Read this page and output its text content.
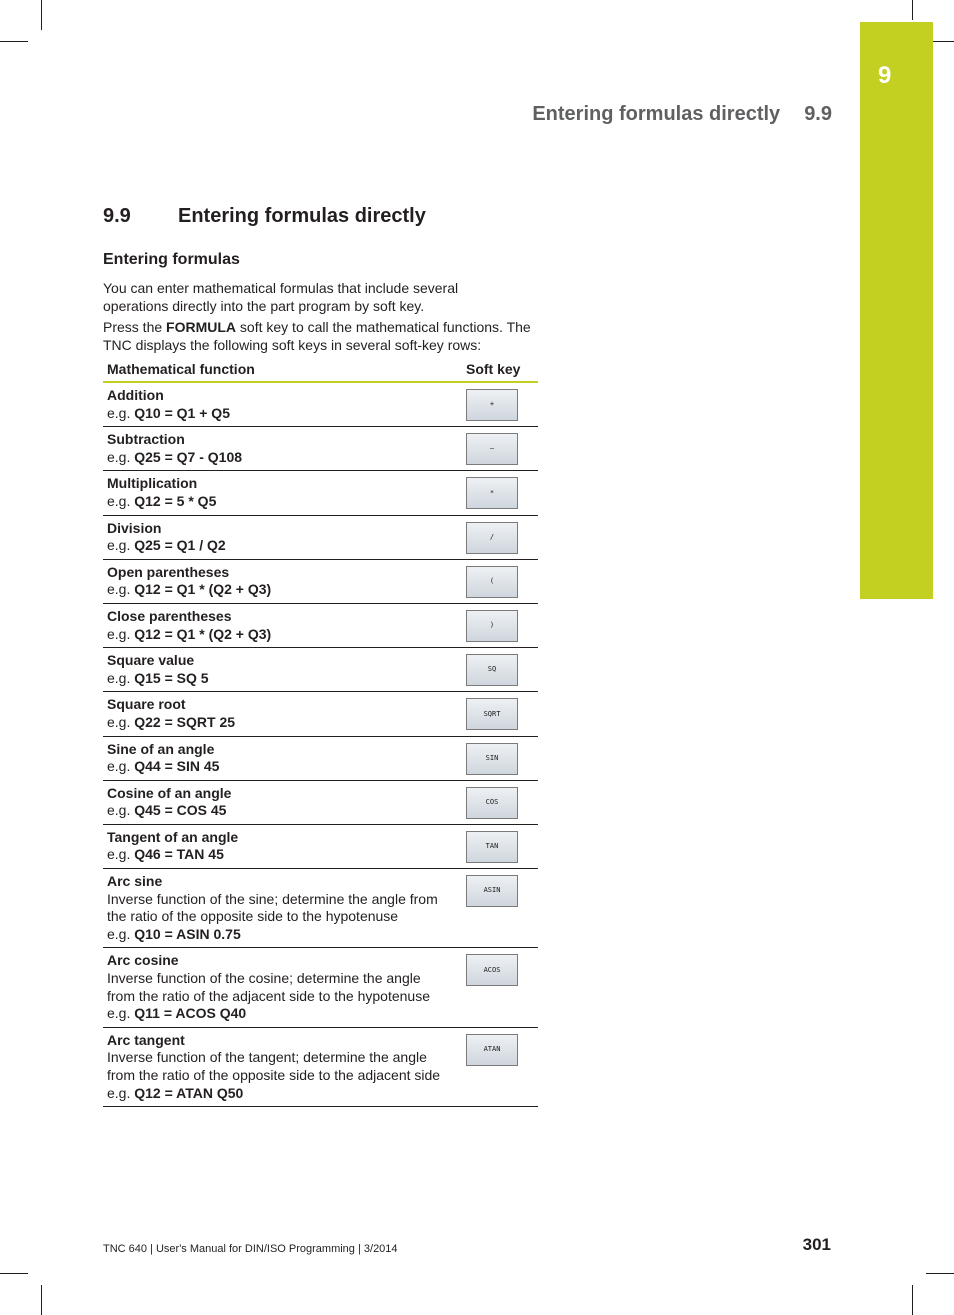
9
Entering formulas directly 9.9
9.9 Entering formulas directly
Entering formulas
You can enter mathematical formulas that include several operations directly into the part program by soft key.
Press the FORMULA soft key to call the mathematical functions. The TNC displays the following soft keys in several soft-key rows:
Mathematical function	Soft key

Addition
e.g. Q10 = Q1 + Q5	+

Subtraction
e.g. Q25 = Q7 - Q108	–

Multiplication
e.g. Q12 = 5 * Q5	*

Division
e.g. Q25 = Q1 / Q2	/

Open parentheses
e.g. Q12 = Q1 * (Q2 + Q3)	(

Close parentheses
e.g. Q12 = Q1 * (Q2 + Q3)	)

Square value
e.g. Q15 = SQ 5	SQ

Square root
e.g. Q22 = SQRT 25	SQRT

Sine of an angle
e.g. Q44 = SIN 45	SIN

Cosine of an angle
e.g. Q45 = COS 45	COS

Tangent of an angle
e.g. Q46 = TAN 45	TAN

Arc sine
Inverse function of the sine; determine the angle from the ratio of the opposite side to the hypotenuse
e.g. Q10 = ASIN 0.75	ASIN

Arc cosine
Inverse function of the cosine; determine the angle
from the ratio of the adjacent side to the hypotenuse
e.g. Q11 = ACOS Q40	ACOS

Arc tangent
Inverse function of the tangent; determine the angle
from the ratio of the opposite side to the adjacent side
e.g. Q12 = ATAN Q50	ATAN
TNC 640 | User's Manual for DIN/ISO Programming | 3/2014	301
